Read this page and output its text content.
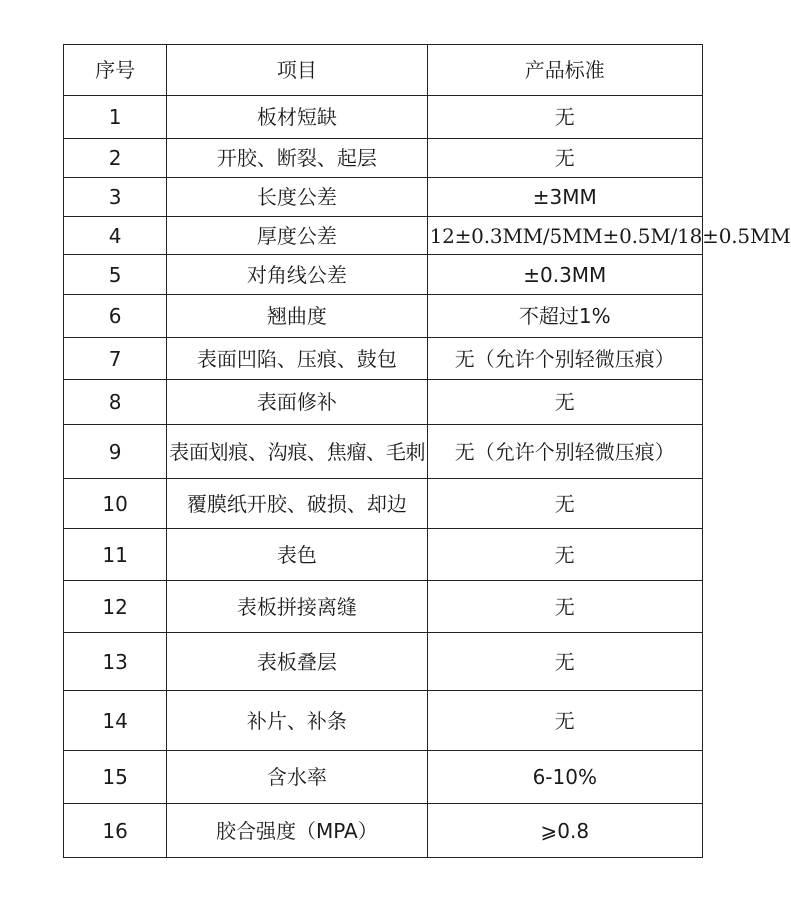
序号	项目	产品标准
1	板材短缺	无
2	开胶、断裂、起层	无
3	长度公差	±3MM
4	厚度公差	12±0.3MM/5MM±0.5M/18±0.5MM
5	对角线公差	±0.3MM
6	翘曲度	不超过1%
7	表面凹陷、压痕、鼓包	无（允许个别轻微压痕）
8	表面修补	无
9	表面划痕、沟痕、焦瘤、毛刺	无（允许个别轻微压痕）
10	覆膜纸开胶、破损、却边	无
11	表色	无
12	表板拼接离缝	无
13	表板叠层	无
14	补片、补条	无
15	含水率	6-10%
16	胶合强度（MPA）	⩾0.8
